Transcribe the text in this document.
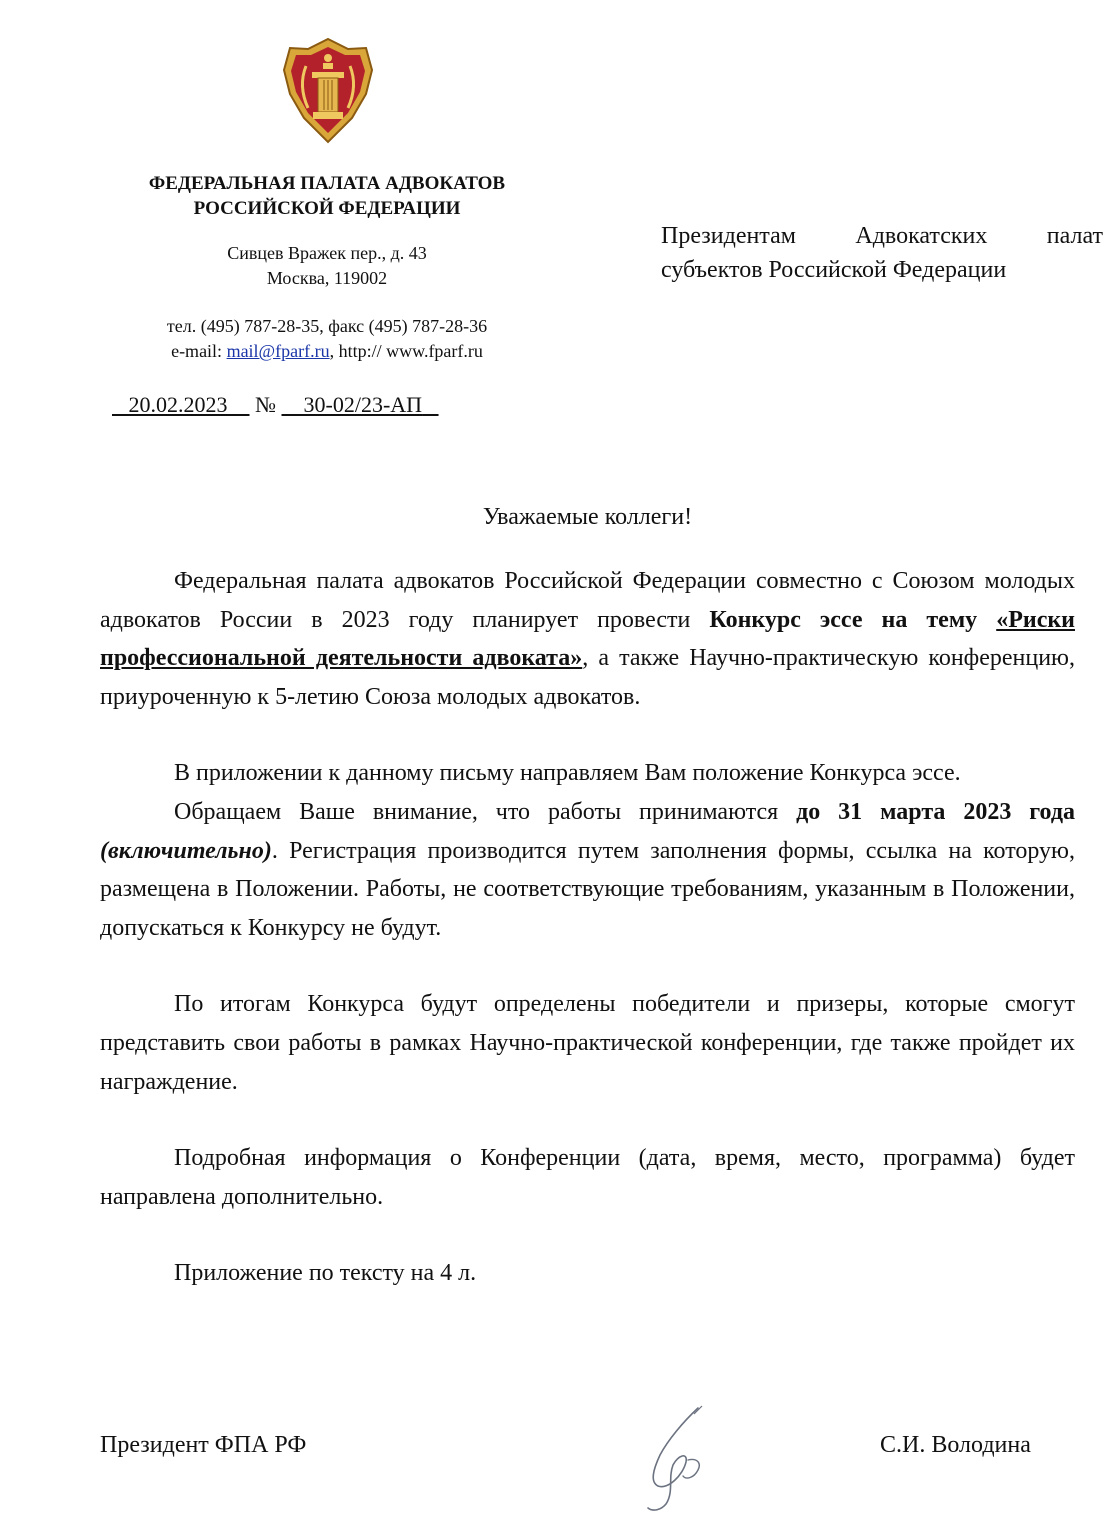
ФЕДЕРАЛЬНАЯ ПАЛАТА АДВОКАТОВ
РОССИЙСКОЙ ФЕДЕРАЦИИ
Сивцев Вражек пер., д. 43
Москва, 119002
тел. (495) 787-28-35, факс (495) 787-28-36
e-mail: mail@fparf.ru, http:// www.fparf.ru
20.02.2023 № 30-02/23-АП
Президентам Адвокатских палат
субъектов Российской Федерации
Уважаемые коллеги!

Федеральная палата адвокатов Российской Федерации совместно с Союзом молодых адвокатов России в 2023 году планирует провести Конкурс эссе на тему «Риски профессиональной деятельности адвоката», а также Научно-практическую конференцию, приуроченную к 5-летию Союза молодых адвокатов.

В приложении к данному письму направляем Вам положение Конкурса эссе.

Обращаем Ваше внимание, что работы принимаются до 31 марта 2023 года (включительно). Регистрация производится путем заполнения формы, ссылка на которую, размещена в Положении. Работы, не соответствующие требованиям, указанным в Положении, допускаться к Конкурсу не будут.

По итогам Конкурса будут определены победители и призеры, которые смогут представить свои работы в рамках Научно-практической конференции, где также пройдет их награждение.

Подробная информация о Конференции (дата, время, место, программа) будет направлена дополнительно.

Приложение по тексту на 4 л.

Президент ФПА РФ	С.И. Володина
